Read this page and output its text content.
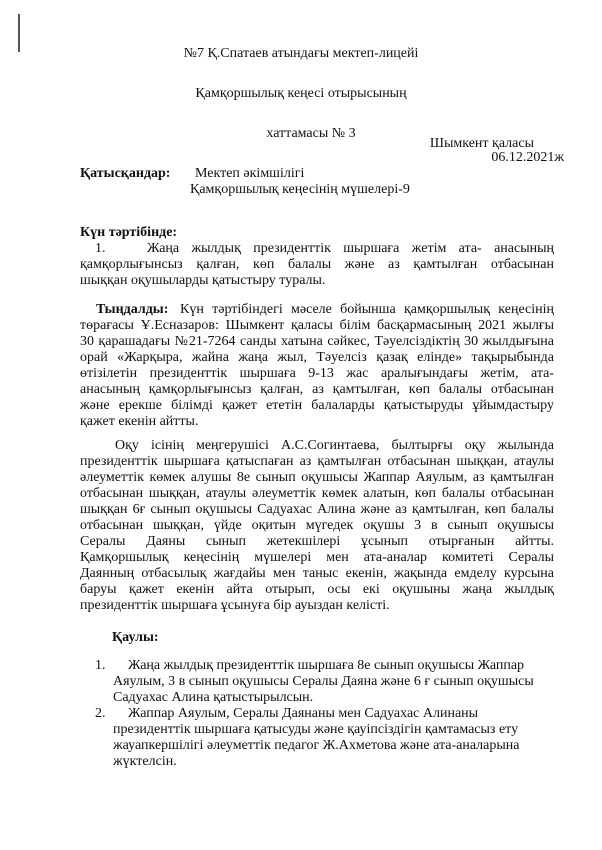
№7 Қ.Спатаев атындағы мектеп-лицейі
Қамқоршылық кеңесі отырысының
хаттамасы № 3
Шымкент қаласы
06.12.2021ж
Қатысқандар: Мектеп әкімшілігі
Қамқоршылық кеңесінің мүшелері-9
Күн тәртібінде:
1.	Жаңа жылдық президенттік шыршаға жетім ата- анасының
қамқорлығынсыз қалған, көп балалы және аз қамтылған отбасынан
шыққан оқушыларды қатыстыру туралы.
Тыңдалды: Күн тәртібіндегі мәселе бойынша қамқоршылық кеңесінің
төрағасы Ұ.Есназаров: Шымкент қаласы білім басқармасының 2021 жылғы
30 қарашадағы №21-7264 санды хатына сәйкес, Тәуелсіздіктің 30 жылдығына
орай «Жарқыра, жайна жаңа жыл, Тәуелсіз қазақ елінде» тақырыбында
өтізілетін президенттік шыршаға 9-13 жас аралығындағы жетім, ата-
анасының қамқорлығынсыз қалған, аз қамтылған, көп балалы отбасынан
және ерекше білімді қажет ететін балаларды қатыстыруды ұйымдастыру
қажет екенін айтты.
Оқу ісінің меңгерушісі А.С.Согинтаева, былтырғы оқу жылында
президенттік шыршаға қатыспаған аз қамтылған отбасынан шыққан, атаулы
әлеуметтік көмек алушы 8е сынып оқушысы Жаппар Аяулым, аз қамтылған
отбасынан шыққан, атаулы әлеуметтік көмек алатын, көп балалы отбасынан
шыққан 6ғ сынып оқушысы Садуахас Алина және аз қамтылған, көп балалы
отбасынан шыққан, үйде оқитын мүгедек оқушы 3 в сынып оқушысы
Сералы Даяны сынып жетекшілері ұсынып отырғанын айтты.
Қамқоршылық кеңесінің мүшелері мен ата-аналар комитеті Сералы
Даянның отбасылық жағдайы мен таныс екенін, жақында емделу курсына
баруы қажет екенін айта отырып, осы екі оқушыны жаңа жылдық
президенттік шыршаға ұсынуға бір ауыздан келісті.
Қаулы:
1. Жаңа жылдық президенттік шыршаға 8е сынып оқушысы Жаппар
Аяулым, 3 в сынып оқушысы Сералы Даяна және 6 ғ сынып оқушысы
Садуахас Алина қатыстырылсын.
2. Жаппар Аяулым, Сералы Даянаны мен Садуахас Алинаны
президенттік шыршаға қатысуды және қауіпсіздігін қамтамасыз ету
жауапкершілігі әлеуметтік педагог Ж.Ахметова және ата-аналарына
жүктелсін.
